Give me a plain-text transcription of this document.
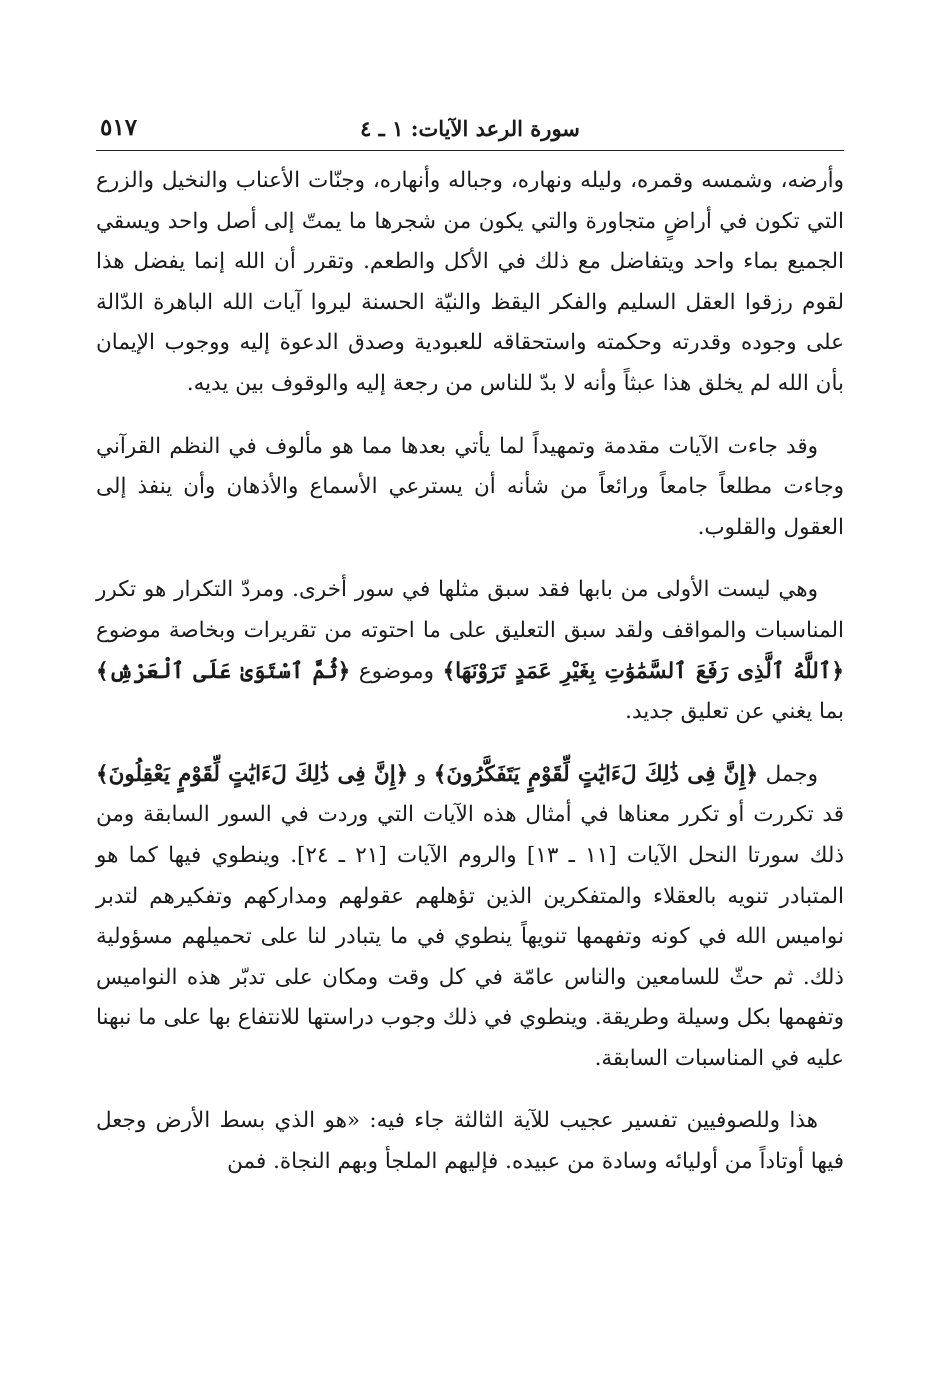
سورة الرعد الآيات: ١ ـ ٤
٥١٧

وأرضه، وشمسه وقمره، وليله ونهاره، وجباله وأنهاره، وجنّات الأعناب والنخيل والزرع التي تكون في أراضٍ متجاورة والتي يكون من شجرها ما يمتّ إلى أصل واحد ويسقي الجميع بماء واحد ويتفاضل مع ذلك في الأكل والطعم. وتقرر أن الله إنما يفضل هذا لقوم رزقوا العقل السليم والفكر اليقظ والنيّة الحسنة ليروا آيات الله الباهرة الدّالة على وجوده وقدرته وحكمته واستحقاقه للعبودية وصدق الدعوة إليه ووجوب الإيمان بأن الله لم يخلق هذا عبثاً وأنه لا بدّ للناس من رجعة إليه والوقوف بين يديه.

وقد جاءت الآيات مقدمة وتمهيداً لما يأتي بعدها مما هو مألوف في النظم القرآني وجاءت مطلعاً جامعاً ورائعاً من شأنه أن يسترعي الأسماع والأذهان وأن ينفذ إلى العقول والقلوب.

وهي ليست الأولى من بابها فقد سبق مثلها في سور أخرى. ومردّ التكرار هو تكرر المناسبات والمواقف ولقد سبق التعليق على ما احتوته من تقريرات وبخاصة موضوع ﴿ٱللَّهُ ٱلَّذِى رَفَعَ ٱلسَّمَٰوَٰتِ بِغَيْرِ عَمَدٍ تَرَوْنَهَا﴾ وموضوع ﴿ثُمَّ ٱسْتَوَىٰ عَلَى ٱلْعَرْشِ﴾ بما يغني عن تعليق جديد.

وجمل ﴿إِنَّ فِى ذَٰلِكَ لَءَايَٰتٍ لِّقَوْمٍ يَتَفَكَّرُونَ﴾ و ﴿إِنَّ فِى ذَٰلِكَ لَءَايَٰتٍ لِّقَوْمٍ يَعْقِلُونَ﴾ قد تكررت أو تكرر معناها في أمثال هذه الآيات التي وردت في السور السابقة ومن ذلك سورتا النحل الآيات [١١ ـ ١٣] والروم الآيات [٢١ ـ ٢٤]. وينطوي فيها كما هو المتبادر تنويه بالعقلاء والمتفكرين الذين تؤهلهم عقولهم ومداركهم وتفكيرهم لتدبر نواميس الله في كونه وتفهمها تنويهاً ينطوي في ما يتبادر لنا على تحميلهم مسؤولية ذلك. ثم حثّ للسامعين والناس عامّة في كل وقت ومكان على تدبّر هذه النواميس وتفهمها بكل وسيلة وطريقة. وينطوي في ذلك وجوب دراستها للانتفاع بها على ما نبهنا عليه في المناسبات السابقة.

هذا وللصوفيين تفسير عجيب للآية الثالثة جاء فيه: «هو الذي بسط الأرض وجعل فيها أوتاداً من أوليائه وسادة من عبيده. فإليهم الملجأ وبهم النجاة. فمن
